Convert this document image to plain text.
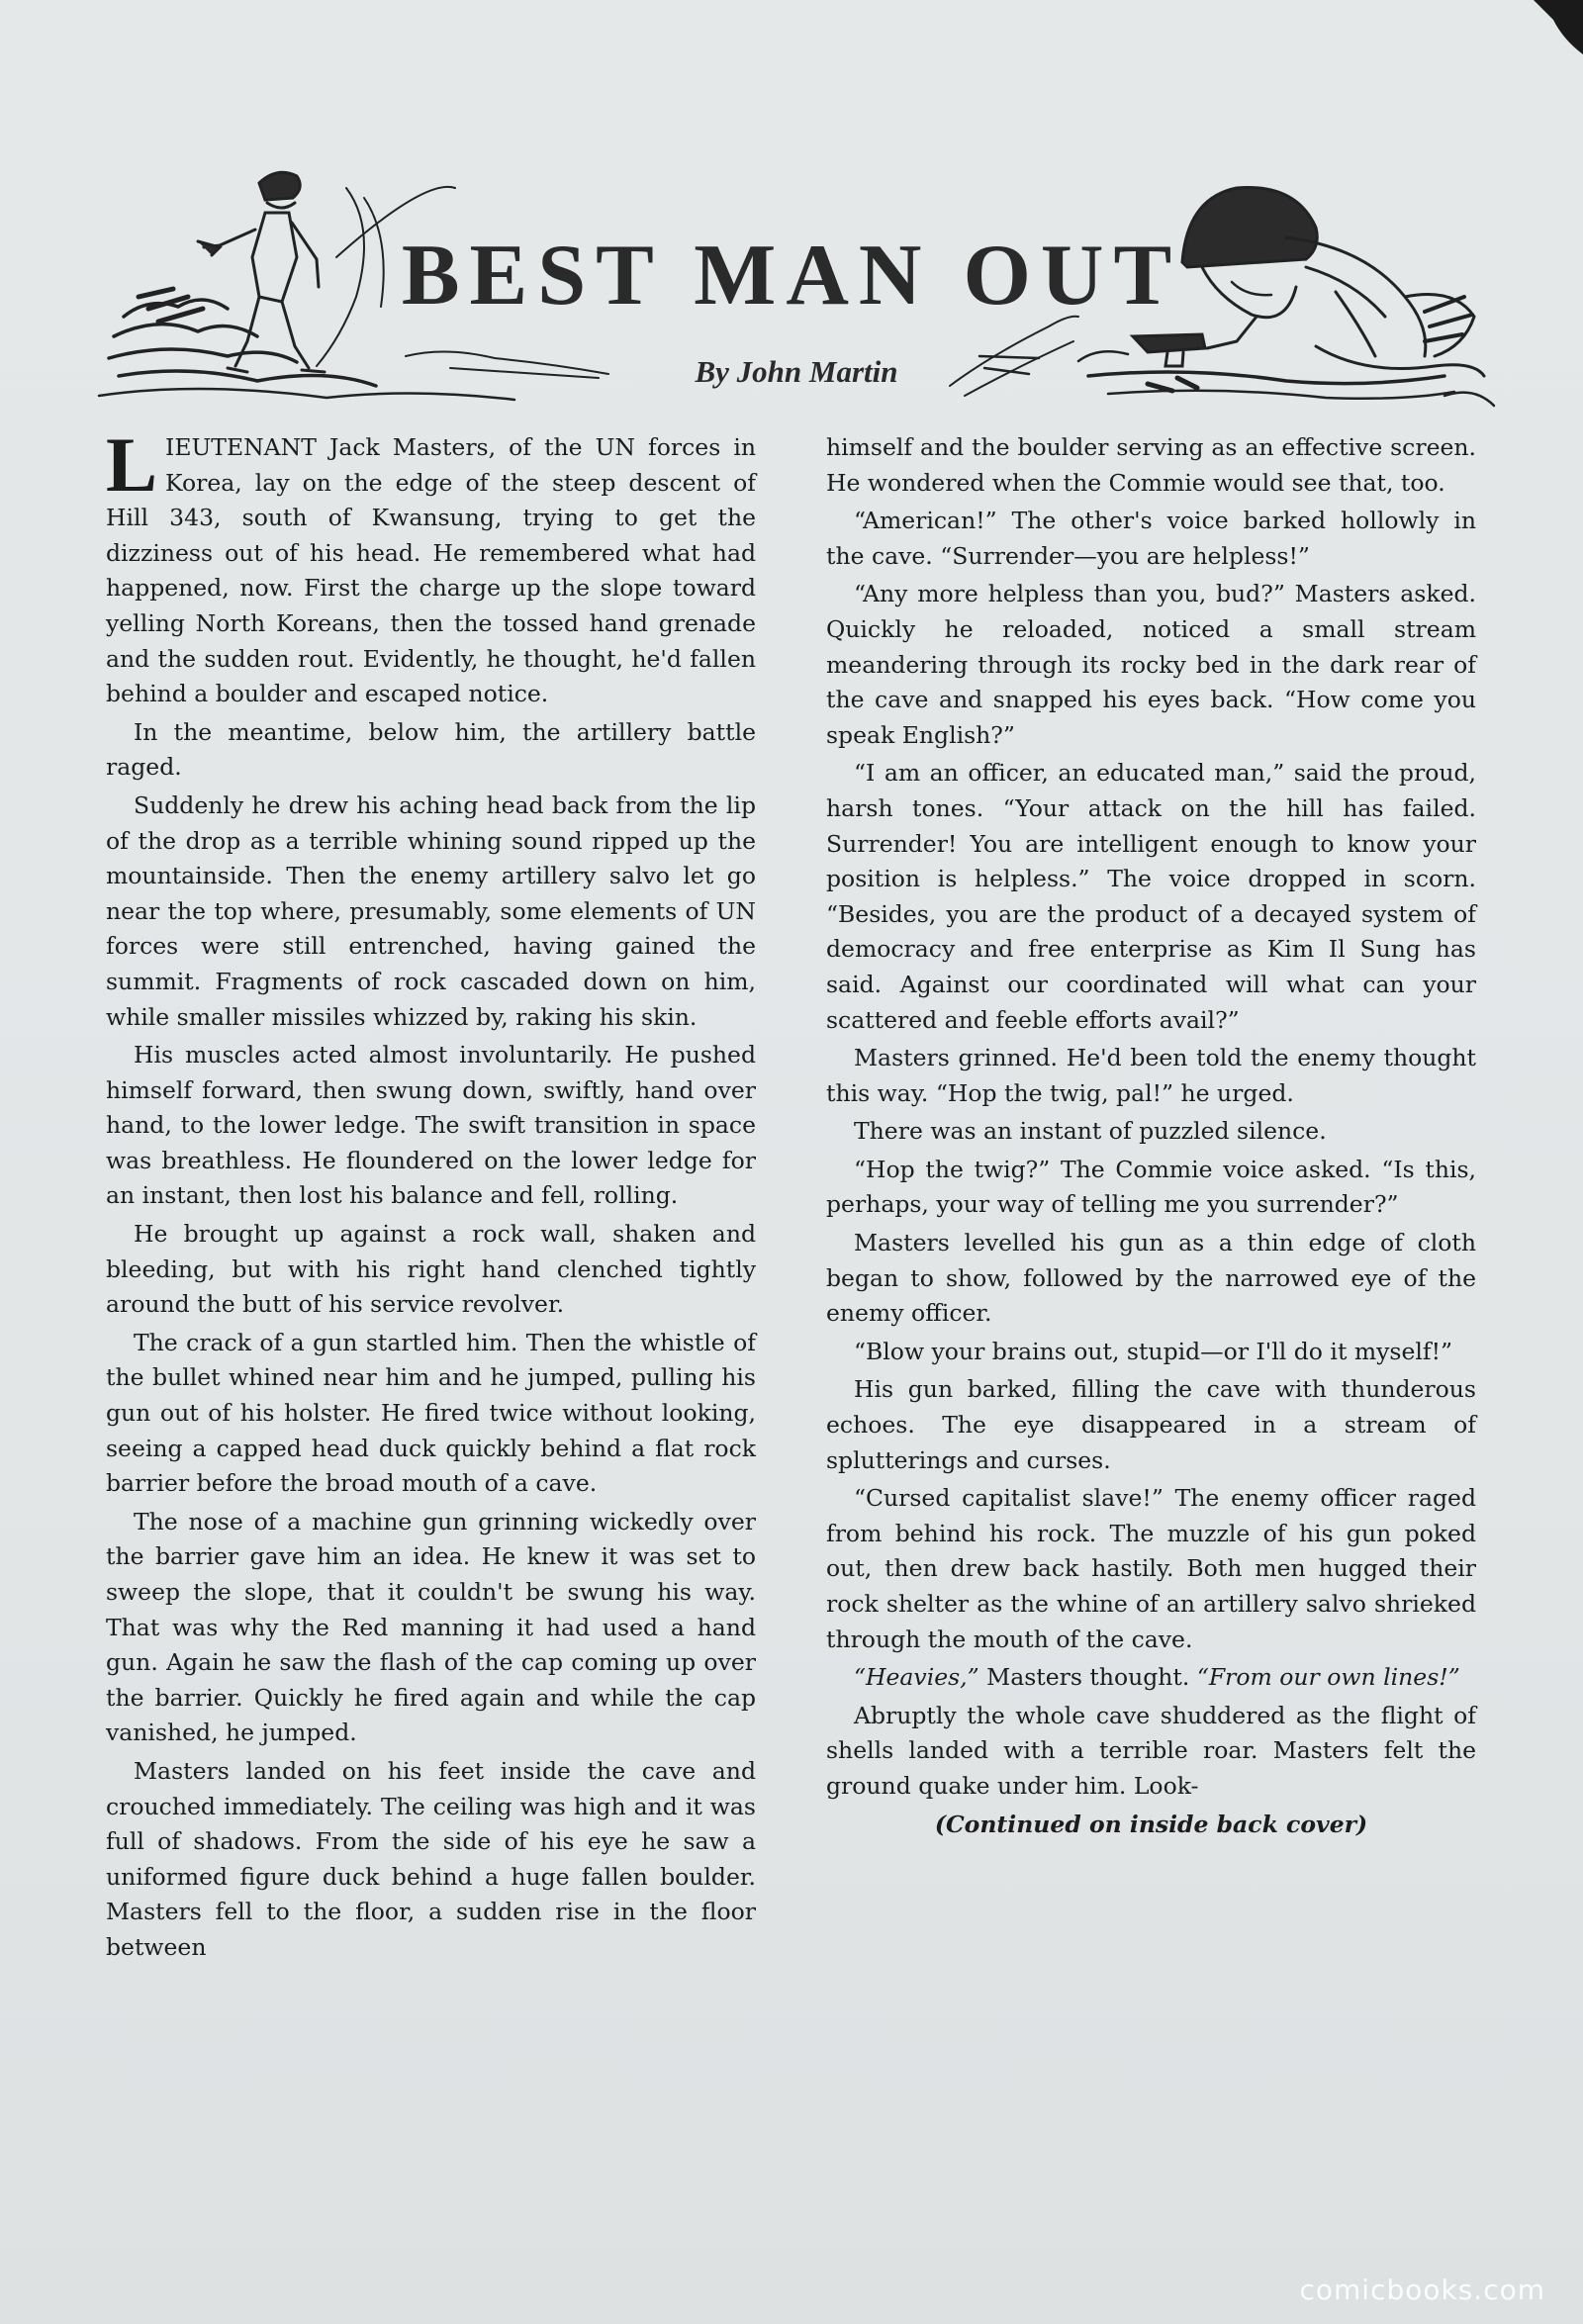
BEST MAN OUT
By John Martin

LIEUTENANT Jack Masters, of the UN forces in Korea, lay on the edge of the steep descent of Hill 343, south of Kwansung, trying to get the dizziness out of his head. He remembered what had happened, now. First the charge up the slope toward yelling North Koreans, then the tossed hand grenade and the sudden rout. Evidently, he thought, he'd fallen behind a boulder and escaped notice.

In the meantime, below him, the artillery battle raged.

Suddenly he drew his aching head back from the lip of the drop as a terrible whining sound ripped up the mountainside. Then the enemy artillery salvo let go near the top where, presumably, some elements of UN forces were still entrenched, having gained the summit. Fragments of rock cascaded down on him, while smaller missiles whizzed by, raking his skin.

His muscles acted almost involuntarily. He pushed himself forward, then swung down, swiftly, hand over hand, to the lower ledge. The swift transition in space was breathless. He floundered on the lower ledge for an instant, then lost his balance and fell, rolling.

He brought up against a rock wall, shaken and bleeding, but with his right hand clenched tightly around the butt of his service revolver.

The crack of a gun startled him. Then the whistle of the bullet whined near him and he jumped, pulling his gun out of his holster. He fired twice without looking, seeing a capped head duck quickly behind a flat rock barrier before the broad mouth of a cave.

The nose of a machine gun grinning wickedly over the barrier gave him an idea. He knew it was set to sweep the slope, that it couldn't be swung his way. That was why the Red manning it had used a hand gun. Again he saw the flash of the cap coming up over the barrier. Quickly he fired again and while the cap vanished, he jumped.

Masters landed on his feet inside the cave and crouched immediately. The ceiling was high and it was full of shadows. From the side of his eye he saw a uniformed figure duck behind a huge fallen boulder. Masters fell to the floor, a sudden rise in the floor between

himself and the boulder serving as an effective screen. He wondered when the Commie would see that, too.

“American!” The other's voice barked hollowly in the cave. “Surrender—you are helpless!”

“Any more helpless than you, bud?” Masters asked. Quickly he reloaded, noticed a small stream meandering through its rocky bed in the dark rear of the cave and snapped his eyes back. “How come you speak English?”

“I am an officer, an educated man,” said the proud, harsh tones. “Your attack on the hill has failed. Surrender! You are intelligent enough to know your position is helpless.” The voice dropped in scorn. “Besides, you are the product of a decayed system of democracy and free enterprise as Kim Il Sung has said. Against our coordinated will what can your scattered and feeble efforts avail?”

Masters grinned. He'd been told the enemy thought this way. “Hop the twig, pal!” he urged.

There was an instant of puzzled silence.

“Hop the twig?” The Commie voice asked. “Is this, perhaps, your way of telling me you surrender?”

Masters levelled his gun as a thin edge of cloth began to show, followed by the narrowed eye of the enemy officer.

“Blow your brains out, stupid—or I'll do it myself!”

His gun barked, filling the cave with thunderous echoes. The eye disappeared in a stream of splutterings and curses.

“Cursed capitalist slave!” The enemy officer raged from behind his rock. The muzzle of his gun poked out, then drew back hastily. Both men hugged their rock shelter as the whine of an artillery salvo shrieked through the mouth of the cave.

“Heavies,” Masters thought. “From our own lines!”

Abruptly the whole cave shuddered as the flight of shells landed with a terrible roar. Masters felt the ground quake under him. Look-

(Continued on inside back cover)

comicbooks.com
